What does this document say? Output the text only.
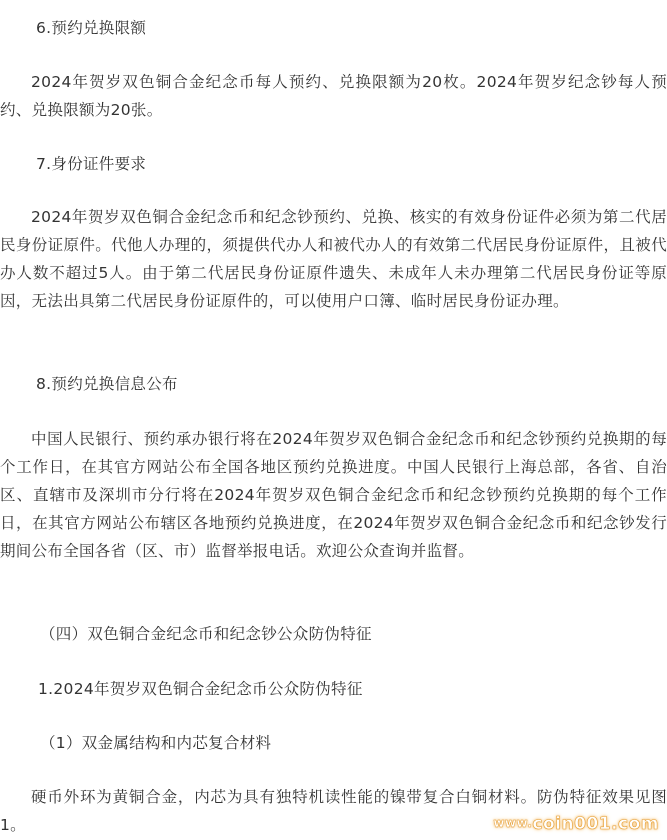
6.预约兑换限额

2024年贺岁双色铜合金纪念币每人预约、兑换限额为20枚。2024年贺岁纪念钞每人预约、兑换限额为20张。

7.身份证件要求

2024年贺岁双色铜合金纪念币和纪念钞预约、兑换、核实的有效身份证件必须为第二代居民身份证原件。代他人办理的，须提供代办人和被代办人的有效第二代居民身份证原件，且被代办人数不超过5人。由于第二代居民身份证原件遗失、未成年人未办理第二代居民身份证等原因，无法出具第二代居民身份证原件的，可以使用户口簿、临时居民身份证办理。

8.预约兑换信息公布

中国人民银行、预约承办银行将在2024年贺岁双色铜合金纪念币和纪念钞预约兑换期的每个工作日，在其官方网站公布全国各地区预约兑换进度。中国人民银行上海总部，各省、自治区、直辖市及深圳市分行将在2024年贺岁双色铜合金纪念币和纪念钞预约兑换期的每个工作日，在其官方网站公布辖区各地预约兑换进度，在2024年贺岁双色铜合金纪念币和纪念钞发行期间公布全国各省（区、市）监督举报电话。欢迎公众查询并监督。

（四）双色铜合金纪念币和纪念钞公众防伪特征

1.2024年贺岁双色铜合金纪念币公众防伪特征

（1）双金属结构和内芯复合材料

硬币外环为黄铜合金，内芯为具有独特机读性能的镍带复合白铜材料。防伪特征效果见图1。	www.coin001.com
